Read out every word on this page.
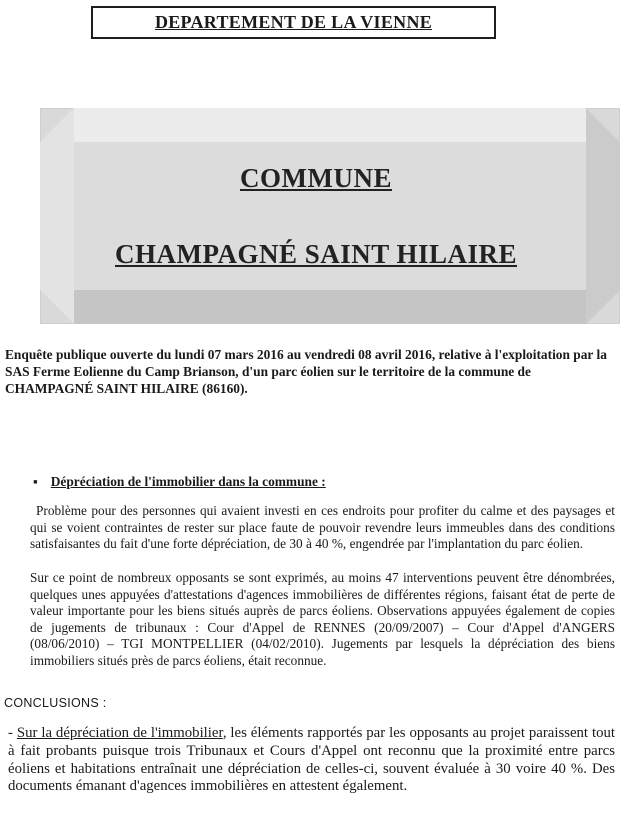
DEPARTEMENT DE LA VIENNE
COMMUNE
CHAMPAGNÉ SAINT HILAIRE
Enquête publique ouverte du lundi 07 mars 2016 au vendredi 08 avril 2016, relative à l'exploitation par la SAS Ferme Eolienne du Camp Brianson, d'un parc éolien sur le territoire de la commune de CHAMPAGNÉ SAINT HILAIRE (86160).
▪ Dépréciation de l'immobilier dans la commune :
Problème pour des personnes qui avaient investi en ces endroits pour profiter du calme et des paysages et qui se voient contraintes de rester sur place faute de pouvoir revendre leurs immeubles dans des conditions satisfaisantes du fait d'une forte dépréciation, de 30 à 40 %, engendrée par l'implantation du parc éolien.
Sur ce point de nombreux opposants se sont exprimés, au moins 47 interventions peuvent être dénombrées, quelques unes appuyées d'attestations d'agences immobilières de différentes régions, faisant état de perte de valeur importante pour les biens situés auprès de parcs éoliens. Observations appuyées également de copies de jugements de tribunaux : Cour d'Appel de RENNES (20/09/2007) – Cour d'Appel d'ANGERS (08/06/2010) – TGI MONTPELLIER (04/02/2010). Jugements par lesquels la dépréciation des biens immobiliers situés près de parcs éoliens, était reconnue.
CONCLUSIONS :
- Sur la dépréciation de l'immobilier, les éléments rapportés par les opposants au projet paraissent tout à fait probants puisque trois Tribunaux et Cours d'Appel ont reconnu que la proximité entre parcs éoliens et habitations entraînait une dépréciation de celles-ci, souvent évaluée à 30 voire 40 %. Des documents émanant d'agences immobilières en attestent également.
